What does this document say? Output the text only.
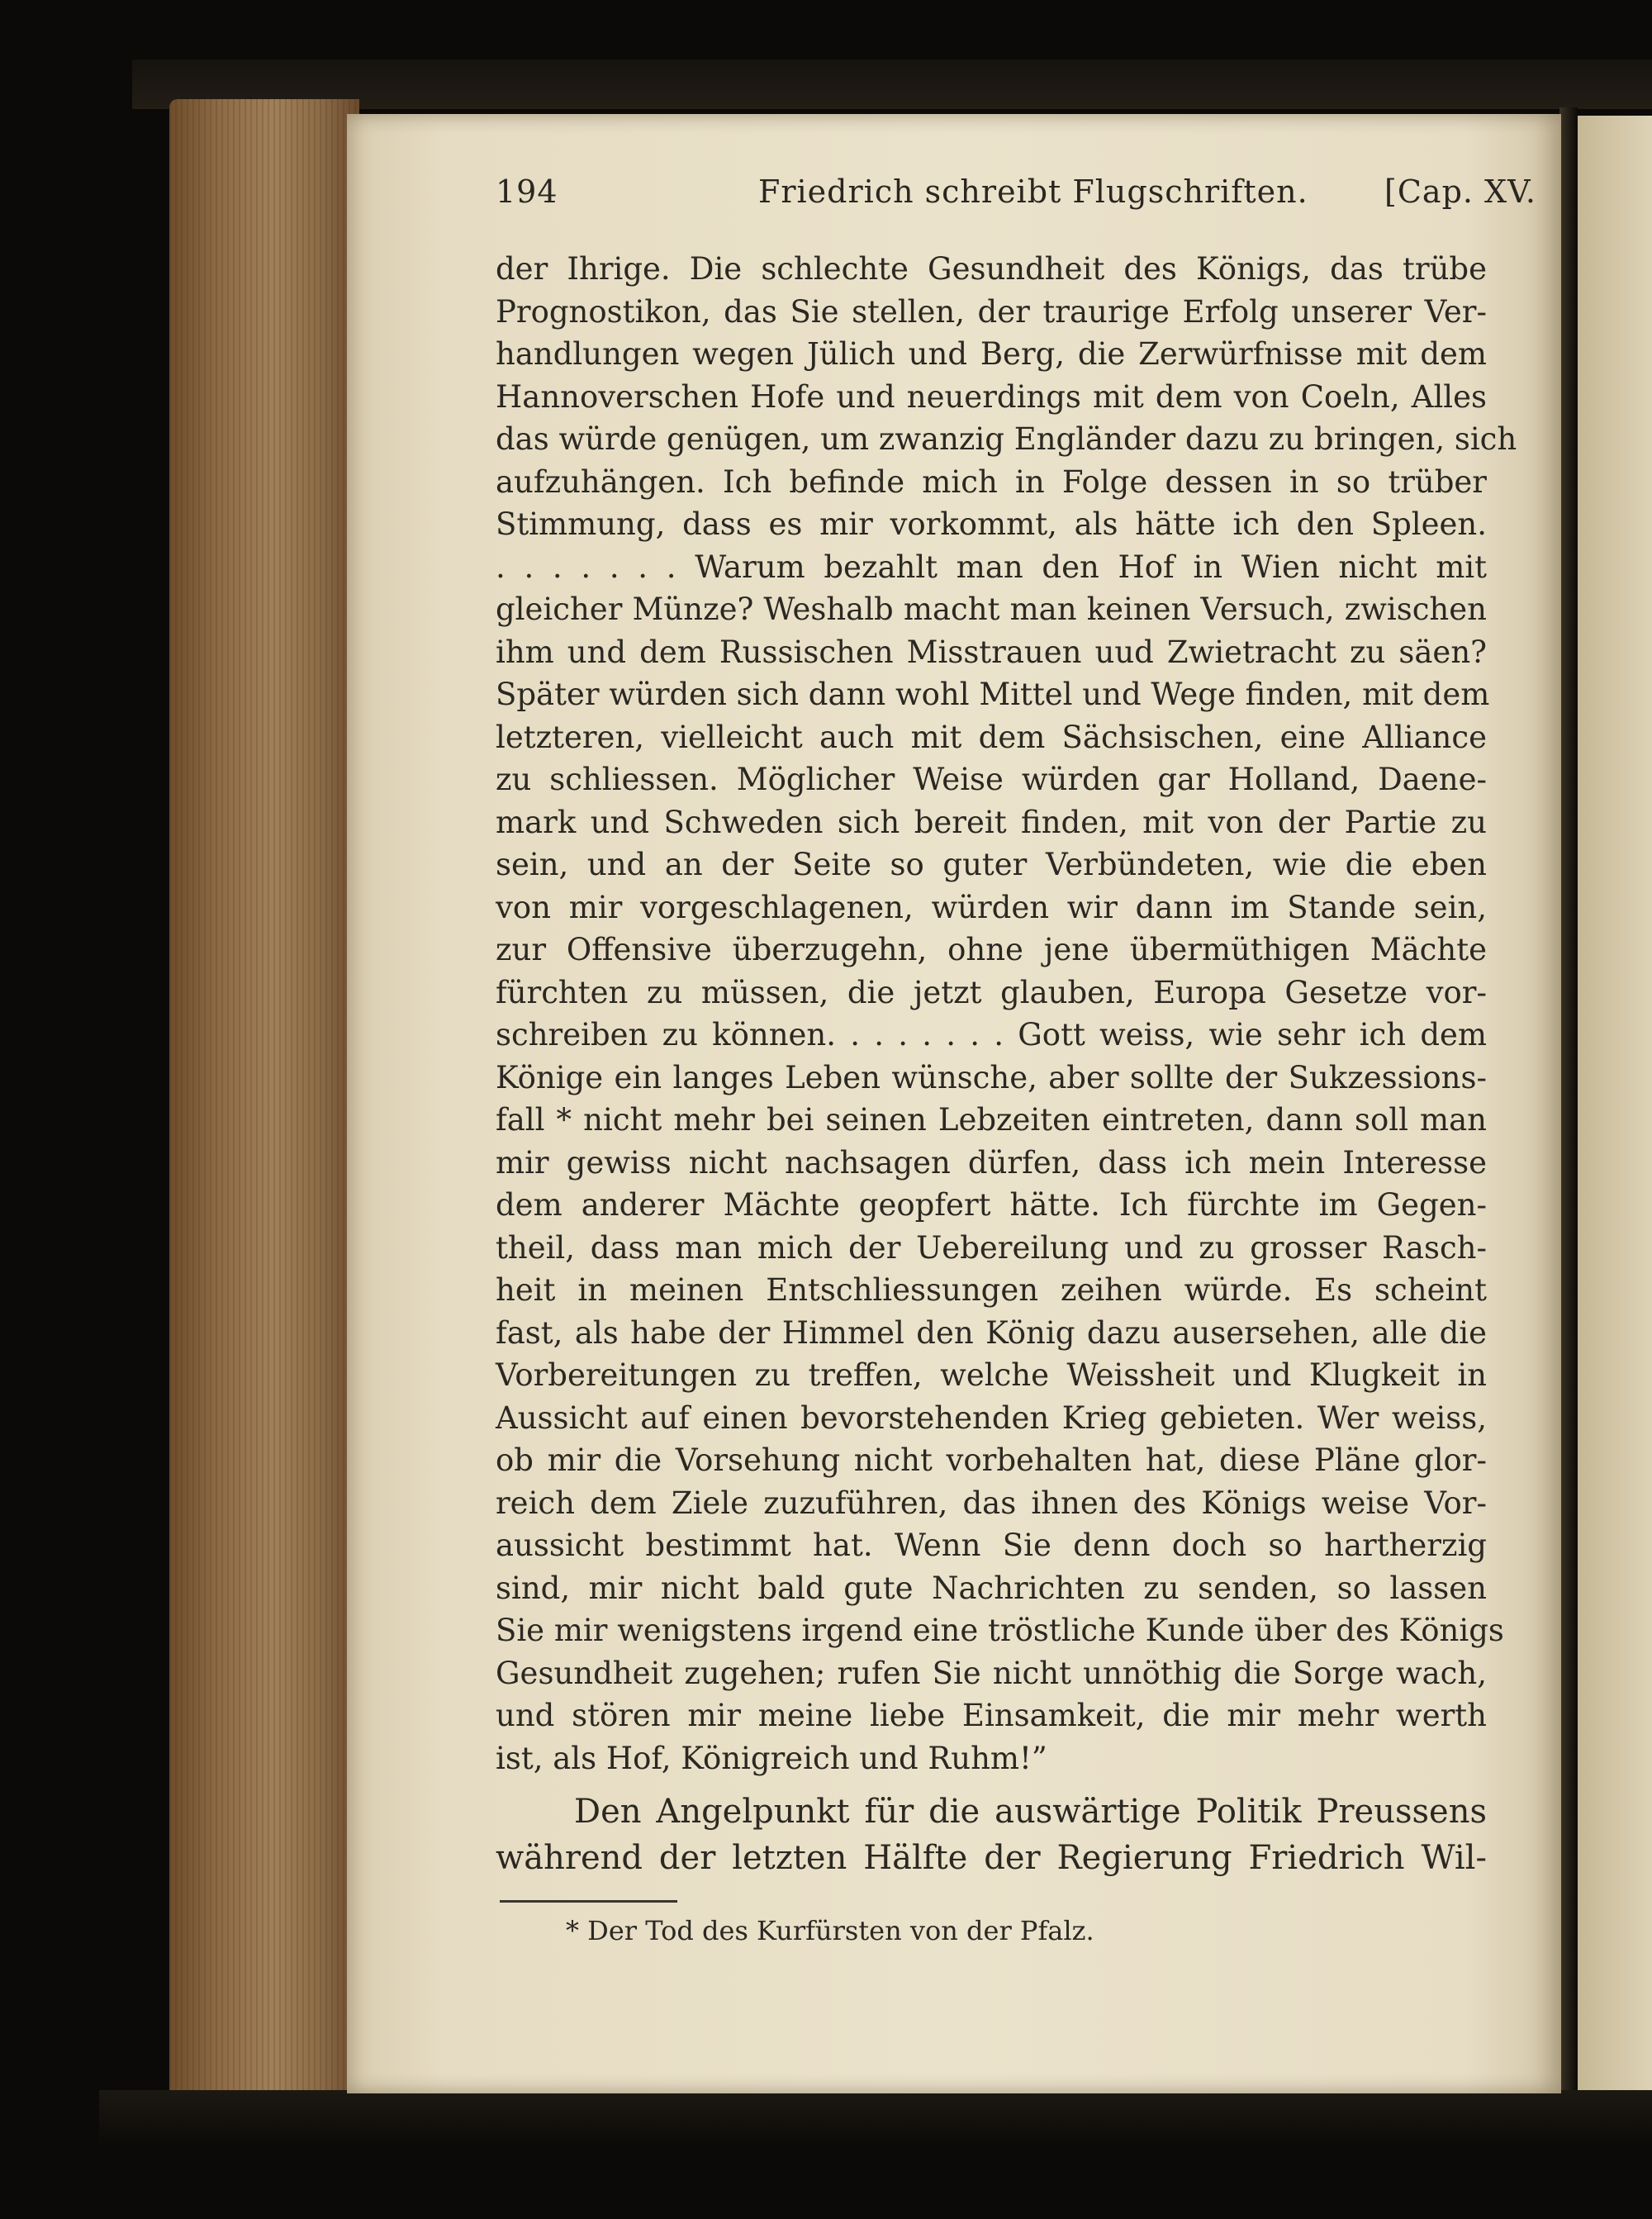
194	Friedrich schreibt Flugschriften. [Cap. XV.
der Ihrige. Die schlechte Gesundheit des Königs, das trübe
Prognostikon, das Sie stellen, der traurige Erfolg unserer Ver-
handlungen wegen Jülich und Berg, die Zerwürfnisse mit dem
Hannoverschen Hofe und neuerdings mit dem von Coeln, Alles
das würde genügen, um zwanzig Engländer dazu zu bringen, sich
aufzuhängen. Ich befinde mich in Folge dessen in so trüber
Stimmung, dass es mir vorkommt, als hätte ich den Spleen.
. . . . . . . Warum bezahlt man den Hof in Wien nicht mit
gleicher Münze? Weshalb macht man keinen Versuch, zwischen
ihm und dem Russischen Misstrauen uud Zwietracht zu säen?
Später würden sich dann wohl Mittel und Wege finden, mit dem
letzteren, vielleicht auch mit dem Sächsischen, eine Alliance
zu schliessen. Möglicher Weise würden gar Holland, Daene-
mark und Schweden sich bereit finden, mit von der Partie zu
sein, und an der Seite so guter Verbündeten, wie die eben
von mir vorgeschlagenen, würden wir dann im Stande sein,
zur Offensive überzugehn, ohne jene übermüthigen Mächte
fürchten zu müssen, die jetzt glauben, Europa Gesetze vor-
schreiben zu können. . . . . . . . Gott weiss, wie sehr ich dem
Könige ein langes Leben wünsche, aber sollte der Sukzessions-
fall * nicht mehr bei seinen Lebzeiten eintreten, dann soll man
mir gewiss nicht nachsagen dürfen, dass ich mein Interesse
dem anderer Mächte geopfert hätte. Ich fürchte im Gegen-
theil, dass man mich der Uebereilung und zu grosser Rasch-
heit in meinen Entschliessungen zeihen würde. Es scheint
fast, als habe der Himmel den König dazu ausersehen, alle die
Vorbereitungen zu treffen, welche Weissheit und Klugkeit in
Aussicht auf einen bevorstehenden Krieg gebieten. Wer weiss,
ob mir die Vorsehung nicht vorbehalten hat, diese Pläne glor-
reich dem Ziele zuzuführen, das ihnen des Königs weise Vor-
aussicht bestimmt hat. Wenn Sie denn doch so hartherzig
sind, mir nicht bald gute Nachrichten zu senden, so lassen
Sie mir wenigstens irgend eine tröstliche Kunde über des Königs
Gesundheit zugehen; rufen Sie nicht unnöthig die Sorge wach,
und stören mir meine liebe Einsamkeit, die mir mehr werth
ist, als Hof, Königreich und Ruhm!”
Den Angelpunkt für die auswärtige Politik Preussens
während der letzten Hälfte der Regierung Friedrich Wil-
* Der Tod des Kurfürsten von der Pfalz.
